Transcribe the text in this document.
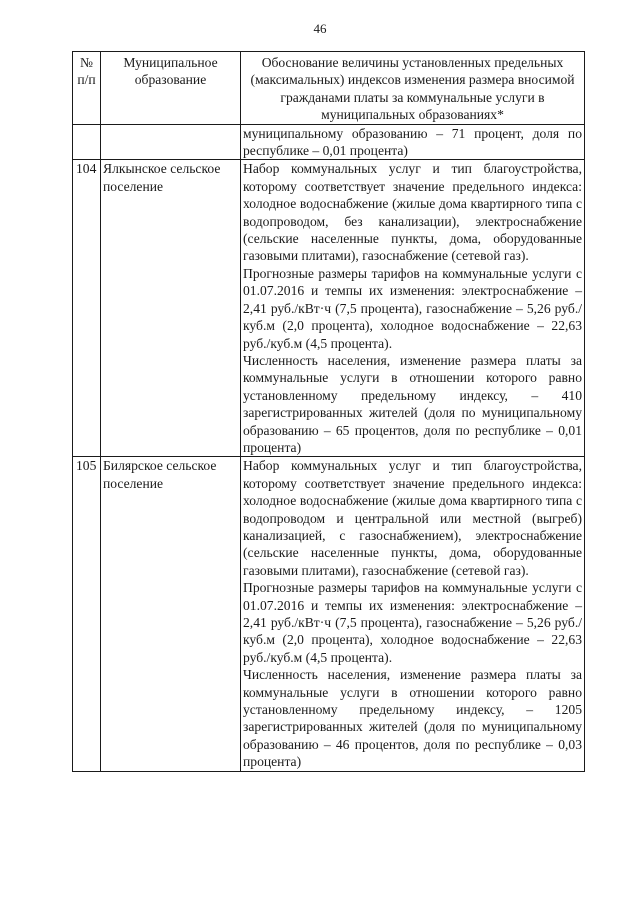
46
№
п/п	Муниципальное образование	Обоснование величины установленных предельных (максимальных) индексов изменения размера вносимой гражданами платы за коммунальные услуги в муниципальных образованиях*
		муниципальному образованию – 71 процент, доля по республике – 0,01 процента)
104	Ялкынское сельское поселение	Набор коммунальных услуг и тип благоустройства, которому соответствует значение предельного индекса: холодное водоснабжение (жилые дома квартирного типа с водопроводом, без канализации), электроснабжение (сельские населенные пункты, дома, оборудованные газовыми плитами), газоснабжение (сетевой газ).
Прогнозные размеры тарифов на коммунальные услуги с 01.07.2016 и темпы их изменения: электроснабжение – 2,41 руб./кВт·ч (7,5 процента), газоснабжение – 5,26 руб./куб.м (2,0 процента), холодное водоснабжение – 22,63 руб./куб.м (4,5 процента).
Численность населения, изменение размера платы за коммунальные услуги в отношении которого равно установленному предельному индексу, – 410 зарегистрированных жителей (доля по муниципальному образованию – 65 процентов, доля по республике – 0,01 процента)

105	Билярское сельское поселение	Набор коммунальных услуг и тип благоустройства, которому соответствует значение предельного индекса: холодное водоснабжение (жилые дома квартирного типа с водопроводом и центральной или местной (выгреб) канализацией, с газоснабжением), электроснабжение (сельские населенные пункты, дома, оборудованные газовыми плитами), газоснабжение (сетевой газ).
Прогнозные размеры тарифов на коммунальные услуги с 01.07.2016 и темпы их изменения: электроснабжение – 2,41 руб./кВт·ч (7,5 процента), газоснабжение – 5,26 руб./куб.м (2,0 процента), холодное водоснабжение – 22,63 руб./куб.м (4,5 процента).
Численность населения, изменение размера платы за коммунальные услуги в отношении которого равно установленному предельному индексу, – 1205 зарегистрированных жителей (доля по муниципальному образованию – 46 процентов, доля по республике – 0,03 процента)
